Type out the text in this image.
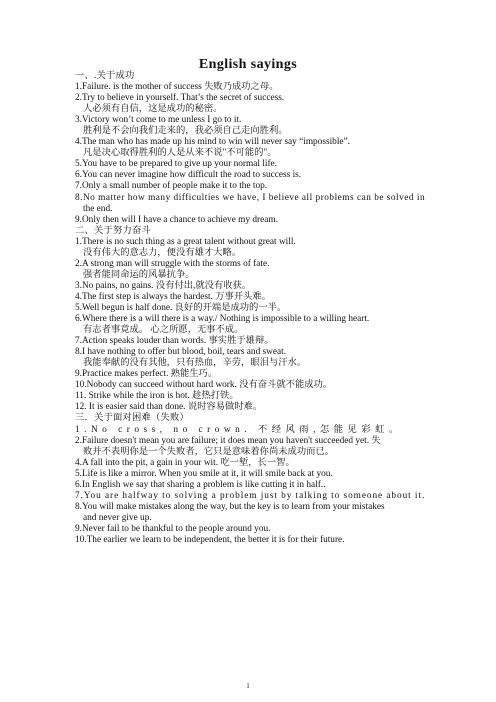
English sayings
一、.关于成功
1.Failure. is the mother of success 失败乃成功之母。
2.Try to believe in yourself. That’s the secret of success.
人必须有自信，这是成功的秘密。
3.Victory won’t come to me unless I go to it.
胜利是不会向我们走来的，我必须自己走向胜利。
4.The man who has made up his mind to win will never say “impossible”.
凡是决心取得胜利的人是从来不说"不可能的"。
5.You have to be prepared to give up your normal life.
6.You can never imagine how difficult the road to success is.
7.Only a small number of people make it to the top.
8.No matter how many difficulties we have, I believe all problems can be solved in
the end.
9.Only then will I have a chance to achieve my dream.
二、关于努力奋斗
1.There is no such thing as a great talent without great will.
没有伟大的意志力，便没有雄才大略。
2.A strong man will struggle with the storms of fate.
强者能同命运的风暴抗争。
3.No pains, no gains. 没有付出,就没有收获。
4.The first step is always the hardest. 万事开头难。
5.Well begun is half done. 良好的开端是成功的一半。
6.Where there is a will there is a way./ Nothing is impossible to a willing heart.
有志者事竟成。 心之所愿，无事不成。
7.Action speaks louder than words. 事实胜于雄辩。
8.I have nothing to offer but blood, boil, tears and sweat.
我能奉献的没有其他，只有热血，辛劳，眼泪与汗水。
9.Practice makes perfect. 熟能生巧。
10.Nobody can succeed without hard work. 没有奋斗就不能成功。
11. Strike while the iron is hot. 趁热打铁。
12. It is easier said than done. 说时容易做时难。
三．关于面对困难（失败）
1.No cross, no crown. 不经风雨,怎能见彩虹。
2.Failure doesn't mean you are failure; it does mean you haven't succeeded yet. 失
败并不表明你是一个失败者，它只是意味着你尚未成功而已。
4.A fall into the pit, a gain in your wit. 吃一堑，长一智。
5.Life is like a mirror. When you smile at it, it will smile back at you.
6.In English we say that sharing a problem is like cutting it in half..
7.You are halfway to solving a problem just by talking to someone about it.
8.You will make mistakes along the way, but the key is to learn from your mistakes
and never give up.
9.Never fail to be thankful to the people around you.
10.The earlier we learn to be independent, the better it is for their future.
1
